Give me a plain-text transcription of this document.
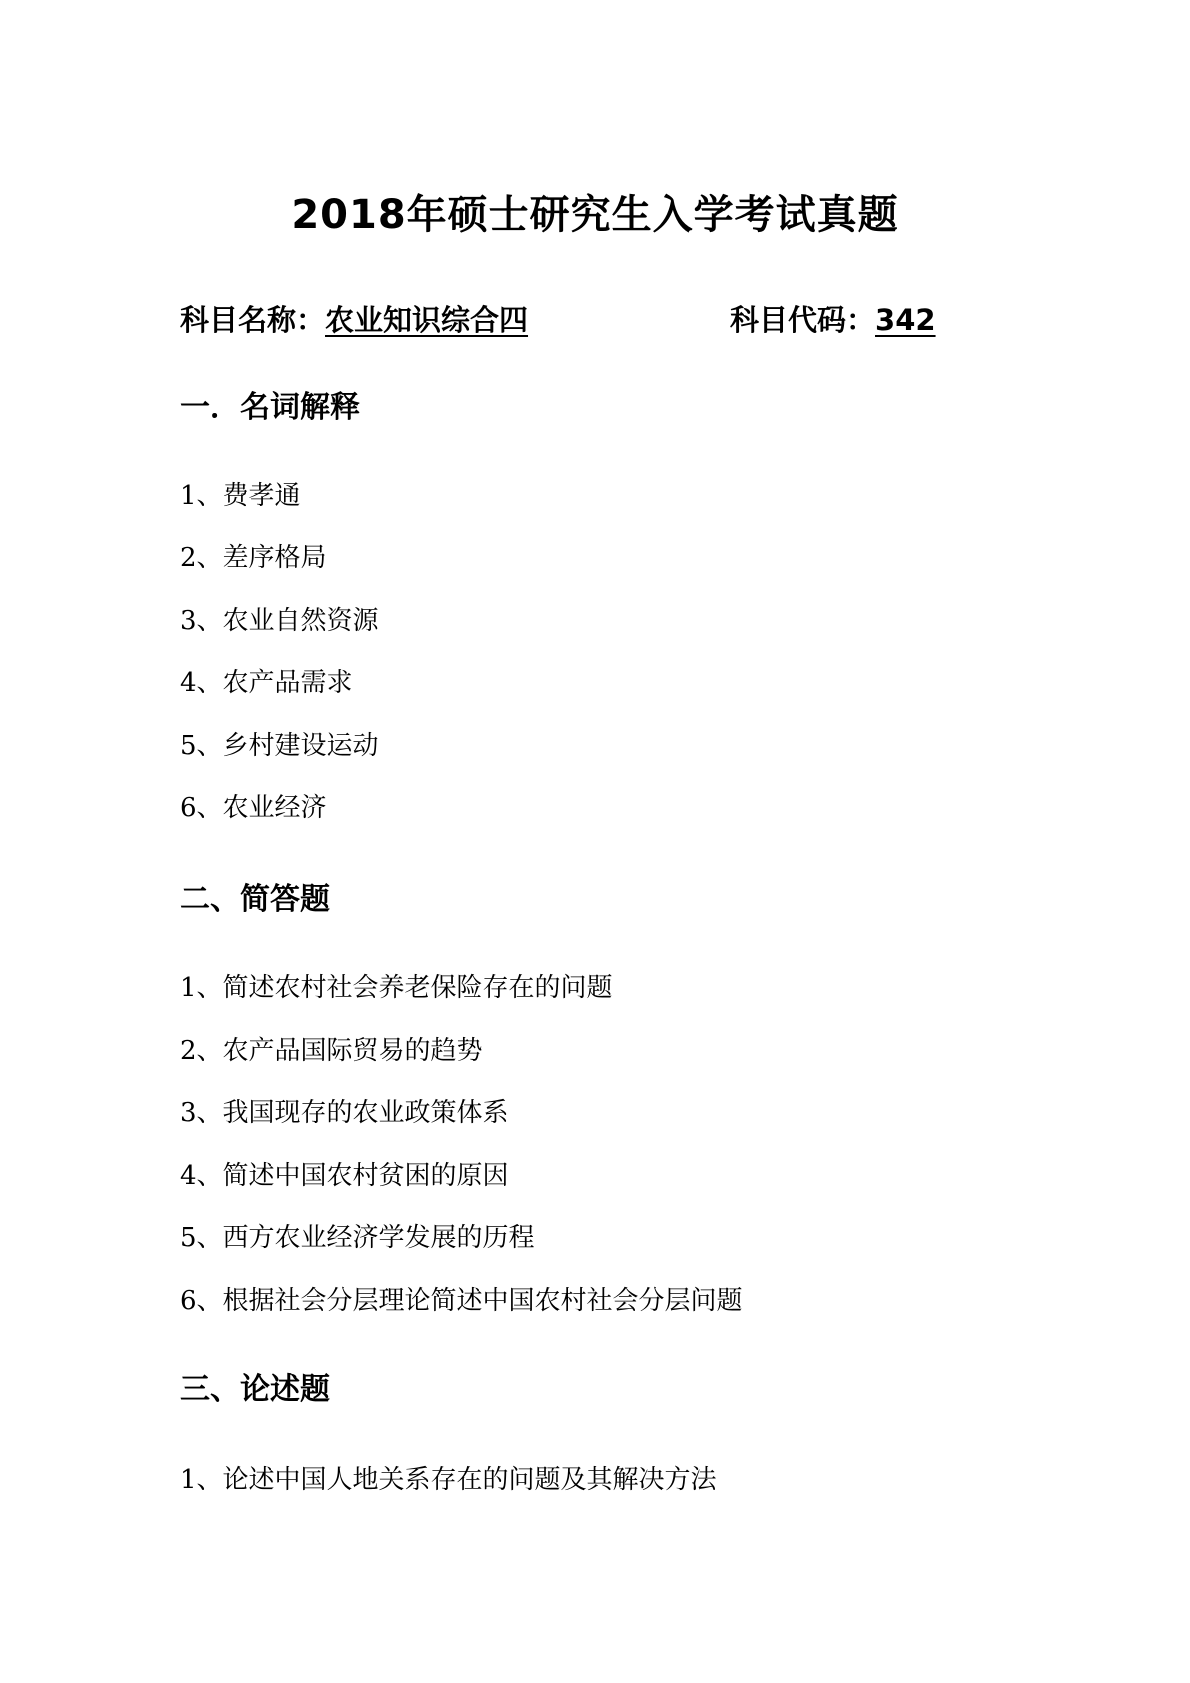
2018年硕士研究生入学考试真题
科目名称：农业知识综合四	科目代码：342
一．名词解释
1、费孝通
2、差序格局
3、农业自然资源
4、农产品需求
5、乡村建设运动
6、农业经济
二、简答题
1、简述农村社会养老保险存在的问题
2、农产品国际贸易的趋势
3、我国现存的农业政策体系
4、简述中国农村贫困的原因
5、西方农业经济学发展的历程
6、根据社会分层理论简述中国农村社会分层问题
三、论述题
1、论述中国人地关系存在的问题及其解决方法
